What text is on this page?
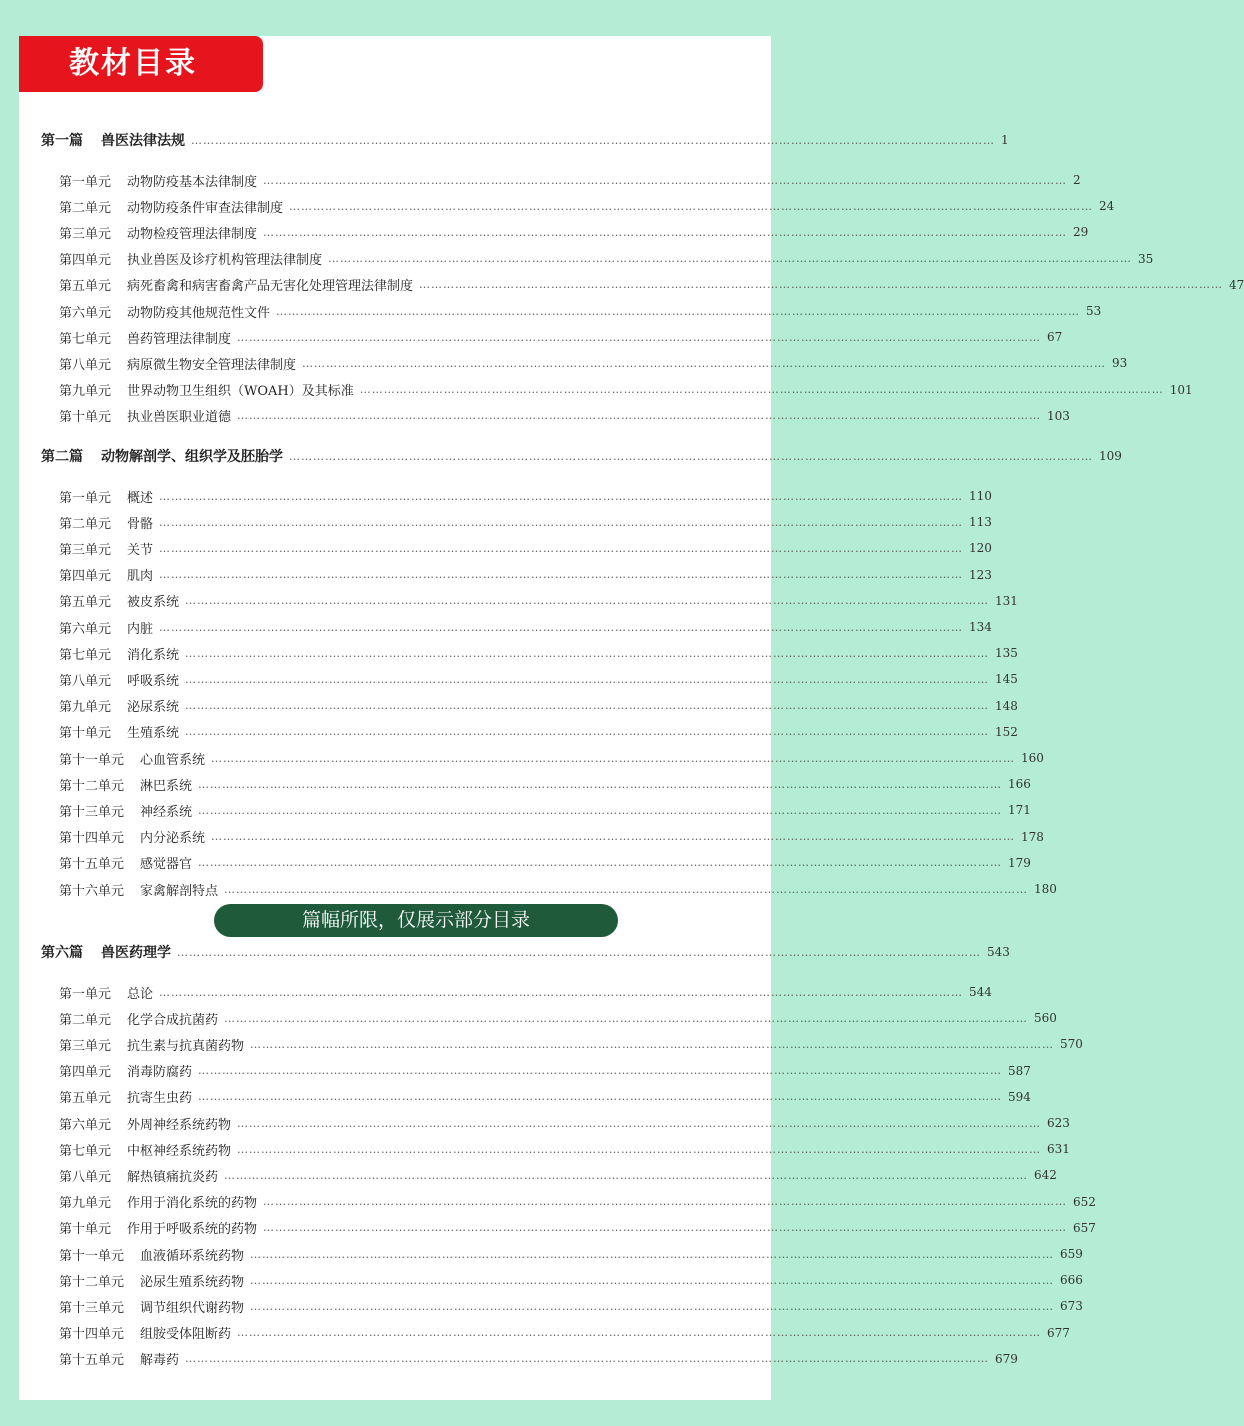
教材目录
第一篇 兽医法律法规 ………………………………………………………………………………………………………………………………………………………………………………… 1
第一单元 动物防疫基本法律制度 ………………………………………………………………………………………………………………………………………………………………………………… 2
第二单元 动物防疫条件审查法律制度 ………………………………………………………………………………………………………………………………………………………………………………… 24
第三单元 动物检疫管理法律制度 ………………………………………………………………………………………………………………………………………………………………………………… 29
第四单元 执业兽医及诊疗机构管理法律制度 ………………………………………………………………………………………………………………………………………………………………………………… 35
第五单元 病死畜禽和病害畜禽产品无害化处理管理法律制度 ………………………………………………………………………………………………………………………………………………………………………………… 47
第六单元 动物防疫其他规范性文件 ………………………………………………………………………………………………………………………………………………………………………………… 53
第七单元 兽药管理法律制度 ………………………………………………………………………………………………………………………………………………………………………………… 67
第八单元 病原微生物安全管理法律制度 ………………………………………………………………………………………………………………………………………………………………………………… 93
第九单元 世界动物卫生组织（WOAH）及其标准 ………………………………………………………………………………………………………………………………………………………………………………… 101
第十单元 执业兽医职业道德 ………………………………………………………………………………………………………………………………………………………………………………… 103
第二篇 动物解剖学、组织学及胚胎学 ………………………………………………………………………………………………………………………………………………………………………………… 109
第一单元 概述 ………………………………………………………………………………………………………………………………………………………………………………… 110
第二单元 骨骼 ………………………………………………………………………………………………………………………………………………………………………………… 113
第三单元 关节 ………………………………………………………………………………………………………………………………………………………………………………… 120
第四单元 肌肉 ………………………………………………………………………………………………………………………………………………………………………………… 123
第五单元 被皮系统 ………………………………………………………………………………………………………………………………………………………………………………… 131
第六单元 内脏 ………………………………………………………………………………………………………………………………………………………………………………… 134
第七单元 消化系统 ………………………………………………………………………………………………………………………………………………………………………………… 135
第八单元 呼吸系统 ………………………………………………………………………………………………………………………………………………………………………………… 145
第九单元 泌尿系统 ………………………………………………………………………………………………………………………………………………………………………………… 148
第十单元 生殖系统 ………………………………………………………………………………………………………………………………………………………………………………… 152
第十一单元 心血管系统 ………………………………………………………………………………………………………………………………………………………………………………… 160
第十二单元 淋巴系统 ………………………………………………………………………………………………………………………………………………………………………………… 166
第十三单元 神经系统 ………………………………………………………………………………………………………………………………………………………………………………… 171
第十四单元 内分泌系统 ………………………………………………………………………………………………………………………………………………………………………………… 178
第十五单元 感觉器官 ………………………………………………………………………………………………………………………………………………………………………………… 179
第十六单元 家禽解剖特点 ………………………………………………………………………………………………………………………………………………………………………………… 180
第六篇 兽医药理学 ………………………………………………………………………………………………………………………………………………………………………………… 543
第一单元 总论 ………………………………………………………………………………………………………………………………………………………………………………… 544
第二单元 化学合成抗菌药 ………………………………………………………………………………………………………………………………………………………………………………… 560
第三单元 抗生素与抗真菌药物 ………………………………………………………………………………………………………………………………………………………………………………… 570
第四单元 消毒防腐药 ………………………………………………………………………………………………………………………………………………………………………………… 587
第五单元 抗寄生虫药 ………………………………………………………………………………………………………………………………………………………………………………… 594
第六单元 外周神经系统药物 ………………………………………………………………………………………………………………………………………………………………………………… 623
第七单元 中枢神经系统药物 ………………………………………………………………………………………………………………………………………………………………………………… 631
第八单元 解热镇痛抗炎药 ………………………………………………………………………………………………………………………………………………………………………………… 642
第九单元 作用于消化系统的药物 ………………………………………………………………………………………………………………………………………………………………………………… 652
第十单元 作用于呼吸系统的药物 ………………………………………………………………………………………………………………………………………………………………………………… 657
第十一单元 血液循环系统药物 ………………………………………………………………………………………………………………………………………………………………………………… 659
第十二单元 泌尿生殖系统药物 ………………………………………………………………………………………………………………………………………………………………………………… 666
第十三单元 调节组织代谢药物 ………………………………………………………………………………………………………………………………………………………………………………… 673
第十四单元 组胺受体阻断药 ………………………………………………………………………………………………………………………………………………………………………………… 677
第十五单元 解毒药 ………………………………………………………………………………………………………………………………………………………………………………… 679
篇幅所限，仅展示部分目录
